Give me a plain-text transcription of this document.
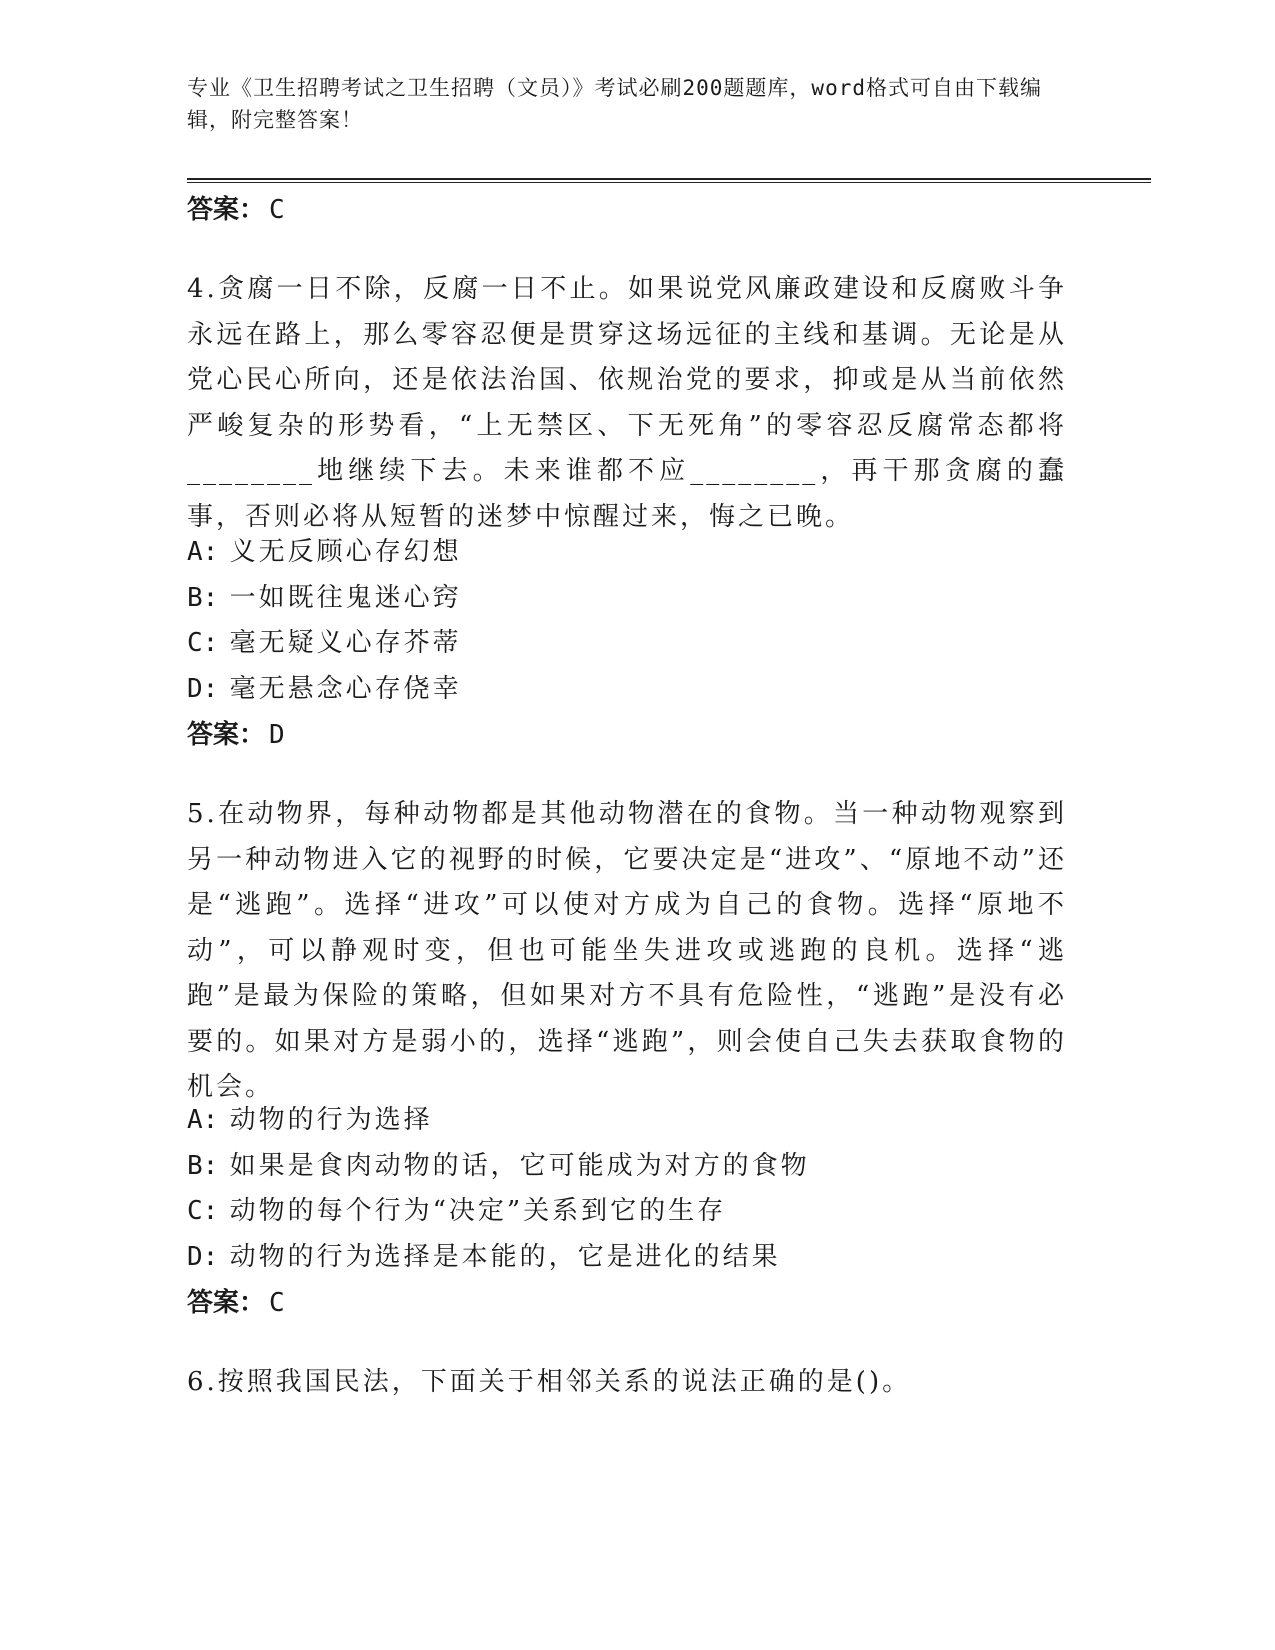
专业《卫生招聘考试之卫生招聘（文员）》考试必刷200题题库，word格式可自由下载编辑，附完整答案！
答案： C
4.贪腐一日不除，反腐一日不止。如果说党风廉政建设和反腐败斗争永远在路上，那么零容忍便是贯穿这场远征的主线和基调。无论是从党心民心所向，还是依法治国、依规治党的要求，抑或是从当前依然严峻复杂的形势看，“上无禁区、下无死角”的零容忍反腐常态都将________地继续下去。未来谁都不应________，再干那贪腐的蠢事，否则必将从短暂的迷梦中惊醒过来，悔之已晚。
A: 义无反顾心存幻想
B: 一如既往鬼迷心窍
C: 毫无疑义心存芥蒂
D: 毫无悬念心存侥幸
答案： D
5.在动物界，每种动物都是其他动物潜在的食物。当一种动物观察到另一种动物进入它的视野的时候，它要决定是“进攻”、“原地不动”还是“逃跑”。选择“进攻”可以使对方成为自己的食物。选择“原地不动”，可以静观时变，但也可能坐失进攻或逃跑的良机。选择“逃跑”是最为保险的策略，但如果对方不具有危险性，“逃跑”是没有必要的。如果对方是弱小的，选择“逃跑”，则会使自己失去获取食物的机会。
A: 动物的行为选择
B: 如果是食肉动物的话，它可能成为对方的食物
C: 动物的每个行为“决定”关系到它的生存
D: 动物的行为选择是本能的，它是进化的结果
答案： C
6.按照我国民法，下面关于相邻关系的说法正确的是()。
